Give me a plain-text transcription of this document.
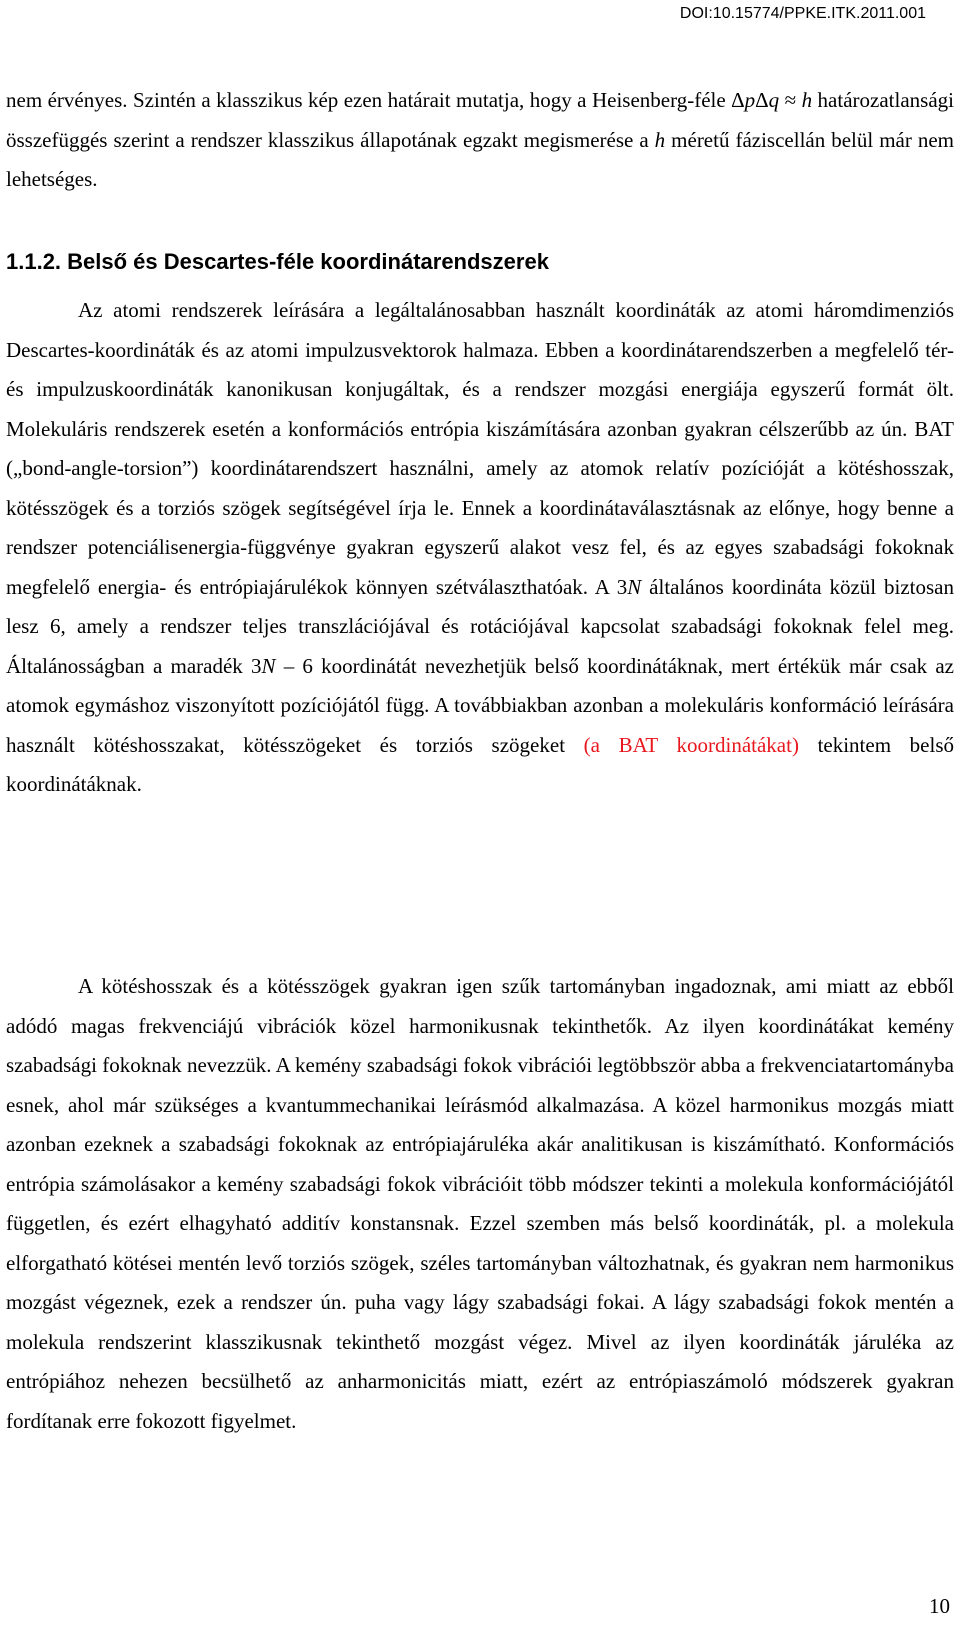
DOI:10.15774/PPKE.ITK.2011.001

nem érvényes. Szintén a klasszikus kép ezen határait mutatja, hogy a Heisenberg-féle ΔpΔq ≈ h határozatlansági összefüggés szerint a rendszer klasszikus állapotának egzakt megismerése a h méretű fáziscellán belül már nem lehetséges.

1.1.2. Belső és Descartes-féle koordinátarendszerek

Az atomi rendszerek leírására a legáltalánosabban használt koordináták az atomi háromdimenziós Descartes-koordináták és az atomi impulzusvektorok halmaza. Ebben a koordinátarendszerben a megfelelő tér- és impulzuskoordináták kanonikusan konjugáltak, és a rendszer mozgási energiája egyszerű formát ölt. Molekuláris rendszerek esetén a konformációs entrópia kiszámítására azonban gyakran célszerűbb az ún. BAT („bond-angle-torsion”) koordinátarendszert használni, amely az atomok relatív pozícióját a kötéshosszak, kötésszögek és a torziós szögek segítségével írja le. Ennek a koordinátaválasztásnak az előnye, hogy benne a rendszer potenciálisenergia-függvénye gyakran egyszerű alakot vesz fel, és az egyes szabadsági fokoknak megfelelő energia- és entrópiajárulékok könnyen szétválaszthatóak. A 3N általános koordináta közül biztosan lesz 6, amely a rendszer teljes transzlációjával és rotációjával kapcsolat szabadsági fokoknak felel meg. Általánosságban a maradék 3N – 6 koordinátát nevezhetjük belső koordinátáknak, mert értékük már csak az atomok egymáshoz viszonyított pozíciójától függ. A továbbiakban azonban a molekuláris konformáció leírására használt kötéshosszakat, kötésszögeket és torziós szögeket (a BAT koordinátákat) tekintem belső koordinátáknak.

A kötéshosszak és a kötésszögek gyakran igen szűk tartományban ingadoznak, ami miatt az ebből adódó magas frekvenciájú vibrációk közel harmonikusnak tekinthetők. Az ilyen koordinátákat kemény szabadsági fokoknak nevezzük. A kemény szabadsági fokok vibrációi legtöbbször abba a frekvenciatartományba esnek, ahol már szükséges a kvantummechanikai leírásmód alkalmazása. A közel harmonikus mozgás miatt azonban ezeknek a szabadsági fokoknak az entrópiajáruléka akár analitikusan is kiszámítható. Konformációs entrópia számolásakor a kemény szabadsági fokok vibrációit több módszer tekinti a molekula konformációjától független, és ezért elhagyható additív konstansnak. Ezzel szemben más belső koordináták, pl. a molekula elforgatható kötései mentén levő torziós szögek, széles tartományban változhatnak, és gyakran nem harmonikus mozgást végeznek, ezek a rendszer ún. puha vagy lágy szabadsági fokai. A lágy szabadsági fokok mentén a molekula rendszerint klasszikusnak tekinthető mozgást végez. Mivel az ilyen koordináták járuléka az entrópiához nehezen becsülhető az anharmonicitás miatt, ezért az entrópiaszámoló módszerek gyakran fordítanak erre fokozott figyelmet.

10
